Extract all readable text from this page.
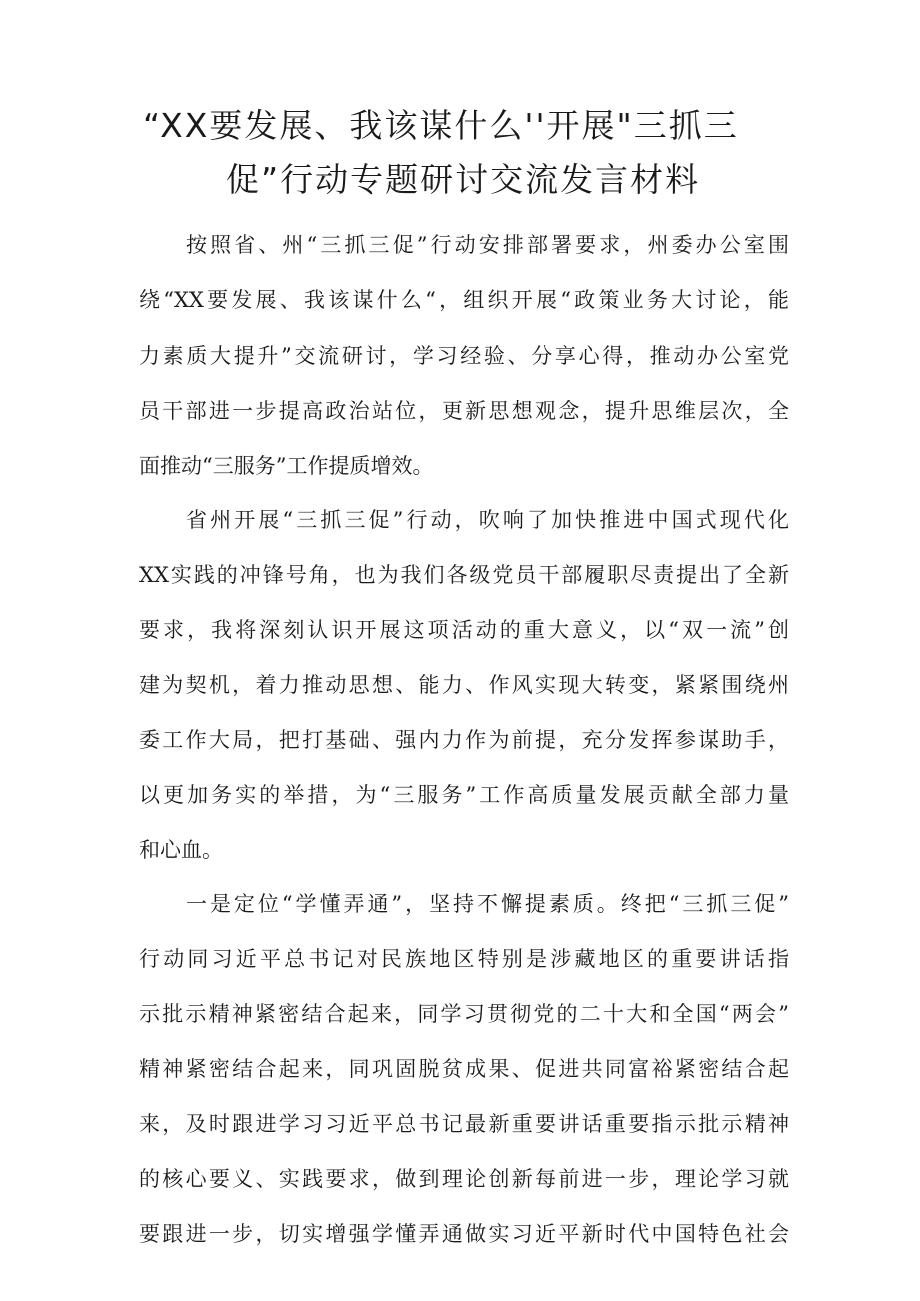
“XX要发展、我该谋什么''开展"三抓三
促”行动专题研讨交流发言材料
按照省、州“三抓三促”行动安排部署要求，州委办公室围
绕“XX要发展、我该谋什么“，组织开展“政策业务大讨论，能
力素质大提升”交流研讨，学习经验、分享心得，推动办公室党
员干部进一步提高政治站位，更新思想观念，提升思维层次，全
面推动“三服务”工作提质增效。
省州开展“三抓三促”行动，吹响了加快推进中国式现代化
XX实践的冲锋号角，也为我们各级党员干部履职尽责提出了全新
要求，我将深刻认识开展这项活动的重大意义，以“双一流”创
建为契机，着力推动思想、能力、作风实现大转变，紧紧围绕州
委工作大局，把打基础、强内力作为前提，充分发挥参谋助手，
以更加务实的举措，为“三服务”工作高质量发展贡献全部力量
和心血。
一是定位“学懂弄通”，坚持不懈提素质。终把“三抓三促”
行动同习近平总书记对民族地区特别是涉藏地区的重要讲话指
示批示精神紧密结合起来，同学习贯彻党的二十大和全国“两会”
精神紧密结合起来，同巩固脱贫成果、促进共同富裕紧密结合起
来，及时跟进学习习近平总书记最新重要讲话重要指示批示精神
的核心要义、实践要求，做到理论创新每前进一步，理论学习就
要跟进一步，切实增强学懂弄通做实习近平新时代中国特色社会
